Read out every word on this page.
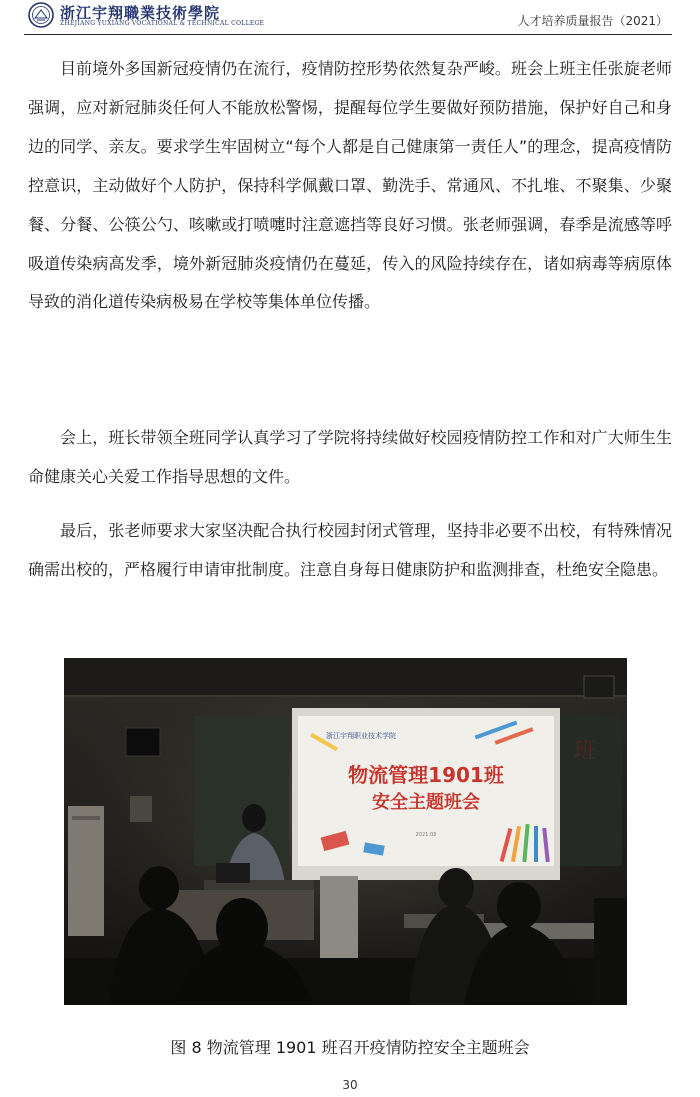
浙江宇翔職業技術學院
ZHEJIANG YUXIANG VOCATIONAL & TECHNICAL COLLEGE	人才培养质量报告（2021）

目前境外多国新冠疫情仍在流行，疫情防控形势依然复杂严峻。班会上班主任张旋老师强调，应对新冠肺炎任何人不能放松警惕，提醒每位学生要做好预防措施，保护好自己和身边的同学、亲友。要求学生牢固树立“每个人都是自己健康第一责任人”的理念，提高疫情防控意识，主动做好个人防护，保持科学佩戴口罩、勤洗手、常通风、不扎堆、不聚集、少聚餐、分餐、公筷公勺、咳嗽或打喷嚏时注意遮挡等良好习惯。张老师强调，春季是流感等呼吸道传染病高发季，境外新冠肺炎疫情仍在蔓延，传入的风险持续存在，诸如病毒等病原体导致的消化道传染病极易在学校等集体单位传播。

会上，班长带领全班同学认真学习了学院将持续做好校园疫情防控工作和对广大师生生命健康关心关爱工作指导思想的文件。

最后，张老师要求大家坚决配合执行校园封闭式管理，坚持非必要不出校，有特殊情况确需出校的，严格履行申请审批制度。注意自身每日健康防护和监测排查，杜绝安全隐患。

班
浙江宇翔职业技术学院
物流管理1901班
安全主题班会
2021.03
图 8 物流管理 1901 班召开疫情防控安全主题班会
30
